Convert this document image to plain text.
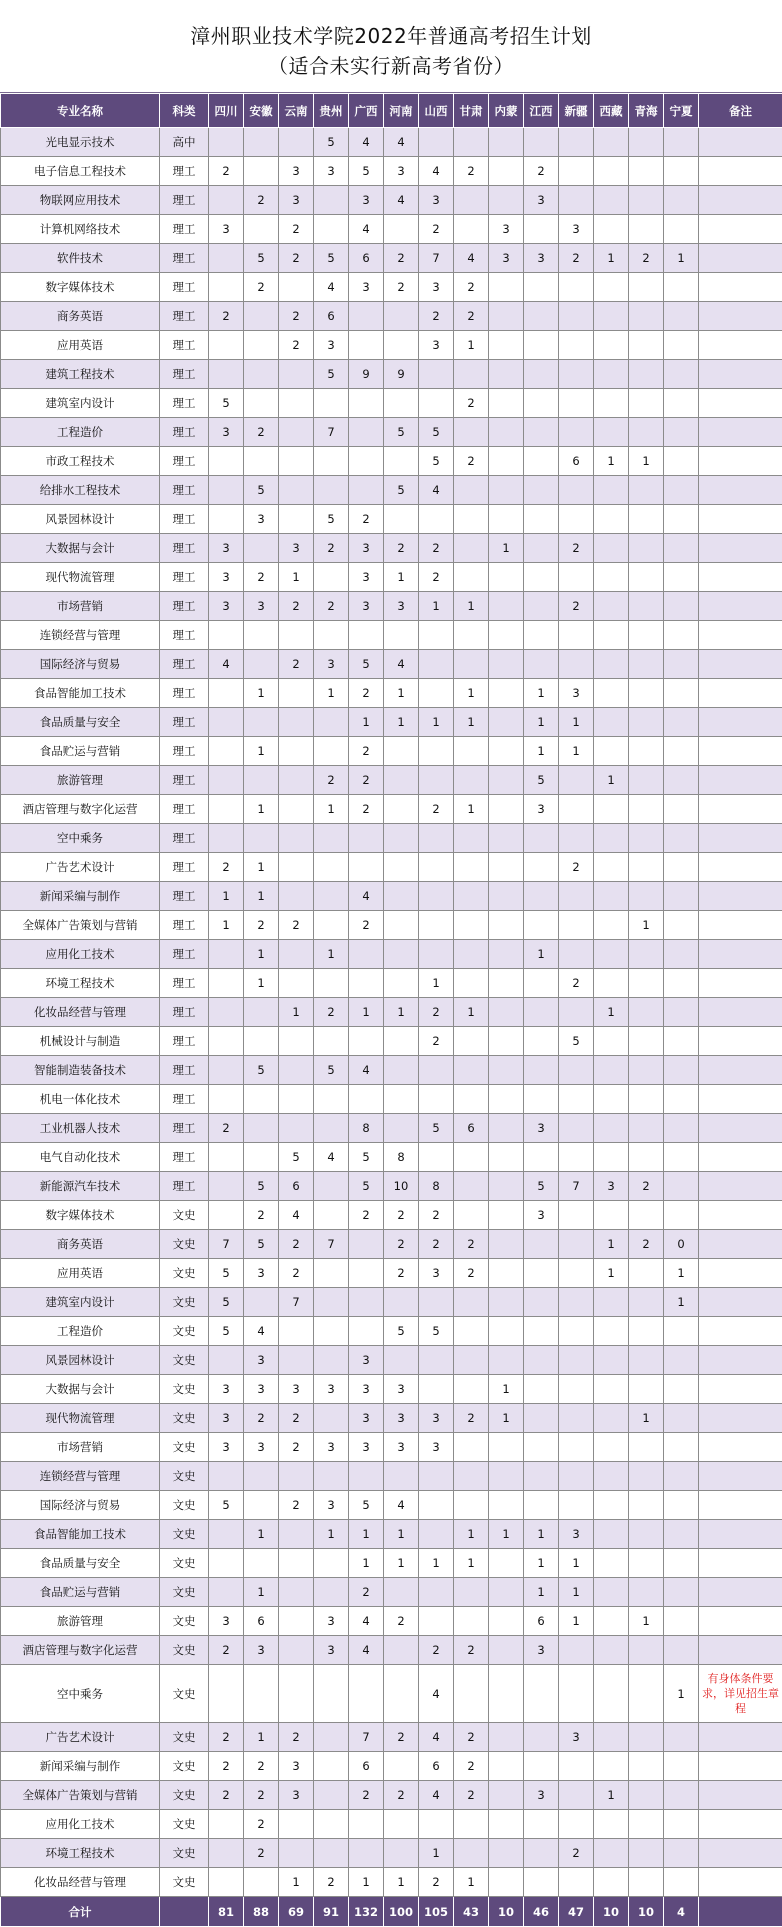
漳州职业技术学院2022年普通高考招生计划
（适合未实行新高考省份）
专业名称	科类	四川	安徽	云南	贵州	广西	河南	山西	甘肃	内蒙	江西	新疆	西藏	青海	宁夏	备注
光电显示技术	高中				5	4	4									
电子信息工程技术	理工	2		3	3	5	3	4	2		2					
物联网应用技术	理工		2	3		3	4	3			3					
计算机网络技术	理工	3		2		4		2		3		3				
软件技术	理工		5	2	5	6	2	7	4	3	3	2	1	2	1	
数字媒体技术	理工		2		4	3	2	3	2							
商务英语	理工	2		2	6			2	2							
应用英语	理工			2	3			3	1							
建筑工程技术	理工				5	9	9									
建筑室内设计	理工	5							2							
工程造价	理工	3	2		7		5	5								
市政工程技术	理工							5	2			6	1	1		
给排水工程技术	理工		5				5	4								
风景园林设计	理工		3		5	2										
大数据与会计	理工	3		3	2	3	2	2		1		2				
现代物流管理	理工	3	2	1		3	1	2								
市场营销	理工	3	3	2	2	3	3	1	1			2				
连锁经营与管理	理工															
国际经济与贸易	理工	4		2	3	5	4									
食品智能加工技术	理工		1		1	2	1		1		1	3				
食品质量与安全	理工					1	1	1	1		1	1				
食品贮运与营销	理工		1			2					1	1				
旅游管理	理工				2	2					5		1			
酒店管理与数字化运营	理工		1		1	2		2	1		3					
空中乘务	理工															
广告艺术设计	理工	2	1									2				
新闻采编与制作	理工	1	1			4										
全媒体广告策划与营销	理工	1	2	2		2								1		
应用化工技术	理工		1		1						1					
环境工程技术	理工		1					1				2				
化妆品经营与管理	理工			1	2	1	1	2	1				1			
机械设计与制造	理工							2				5				
智能制造装备技术	理工		5		5	4										
机电一体化技术	理工															
工业机器人技术	理工	2				8		5	6		3					
电气自动化技术	理工			5	4	5	8									
新能源汽车技术	理工		5	6		5	10	8			5	7	3	2		
数字媒体技术	文史		2	4		2	2	2			3					
商务英语	文史	7	5	2	7		2	2	2				1	2	0	
应用英语	文史	5	3	2			2	3	2				1		1	
建筑室内设计	文史	5		7											1	
工程造价	文史	5	4				5	5								
风景园林设计	文史		3			3										
大数据与会计	文史	3	3	3	3	3	3			1						
现代物流管理	文史	3	2	2		3	3	3	2	1				1		
市场营销	文史	3	3	2	3	3	3	3								
连锁经营与管理	文史															
国际经济与贸易	文史	5		2	3	5	4									
食品智能加工技术	文史		1		1	1	1		1	1	1	3				
食品质量与安全	文史					1	1	1	1		1	1				
食品贮运与营销	文史		1			2					1	1				
旅游管理	文史	3	6		3	4	2				6	1		1		
酒店管理与数字化运营	文史	2	3		3	4		2	2		3					
空中乘务	文史							4							1	有身体条件要求，详见招生章程
广告艺术设计	文史	2	1	2		7	2	4	2			3				
新闻采编与制作	文史	2	2	3		6		6	2							
全媒体广告策划与营销	文史	2	2	3		2	2	4	2		3		1			
应用化工技术	文史		2													
环境工程技术	文史		2					1				2				
化妆品经营与管理	文史			1	2	1	1	2	1							
合计		81	88	69	91	132	100	105	43	10	46	47	10	10	4	
